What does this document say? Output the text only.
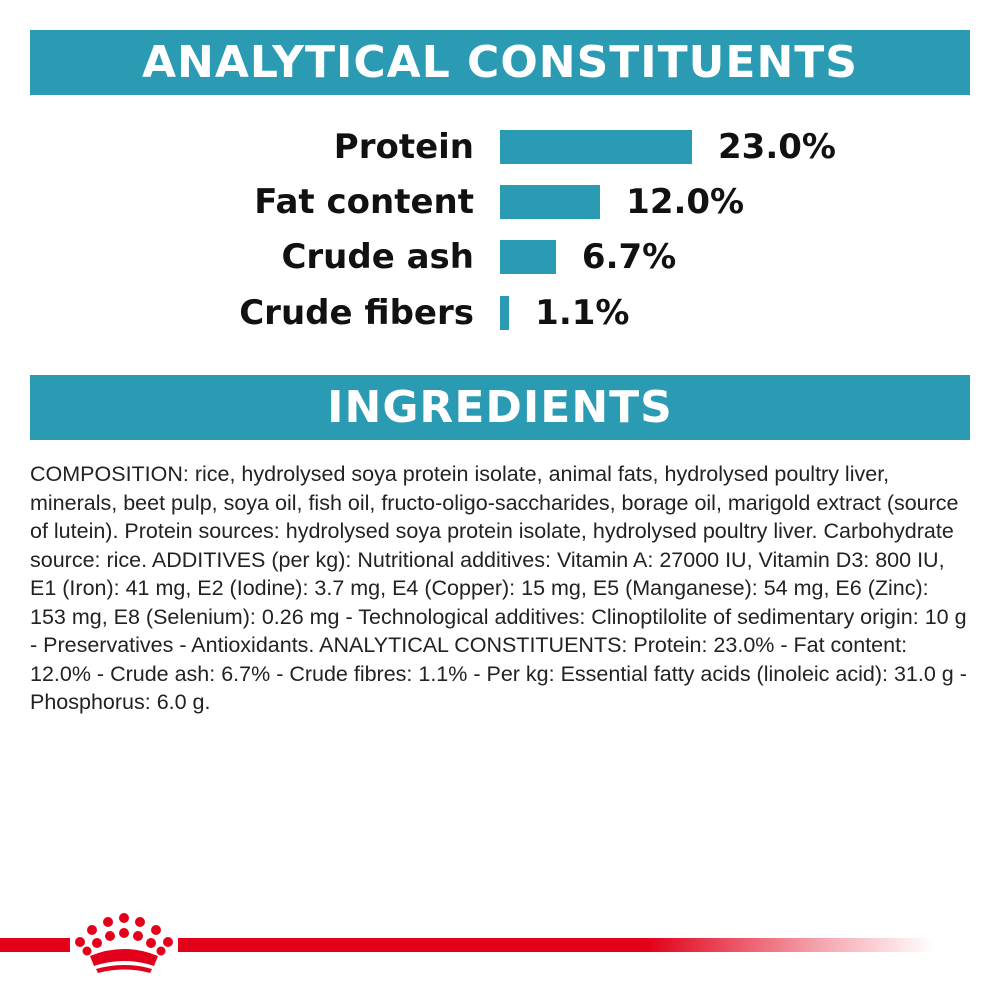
ANALYTICAL CONSTITUENTS
Protein	23.0%
Fat content	12.0%
Crude ash	6.7%
Crude fibers 1.1%
INGREDIENTS

COMPOSITION: rice, hydrolysed soya protein isolate, animal fats, hydrolysed poultry liver, minerals, beet pulp, soya oil, fish oil, fructo-oligo-saccharides, borage oil, marigold extract (source of lutein). Protein sources: hydrolysed soya protein isolate, hydrolysed poultry liver. Carbohydrate source: rice. ADDITIVES (per kg): Nutritional additives: Vitamin A: 27000 IU, Vitamin D3: 800 IU, E1 (Iron): 41 mg, E2 (Iodine): 3.7 mg, E4 (Copper): 15 mg, E5 (Manganese): 54 mg, E6 (Zinc): 153 mg, E8 (Selenium): 0.26 mg - Technological additives: Clinoptilolite of sedimentary origin: 10 g - Preservatives - Antioxidants. ANALYTICAL CONSTITUENTS: Protein: 23.0% - Fat content: 12.0% - Crude ash: 6.7% - Crude fibres: 1.1% - Per kg: Essential fatty acids (linoleic acid): 31.0 g - Phosphorus: 6.0 g.
